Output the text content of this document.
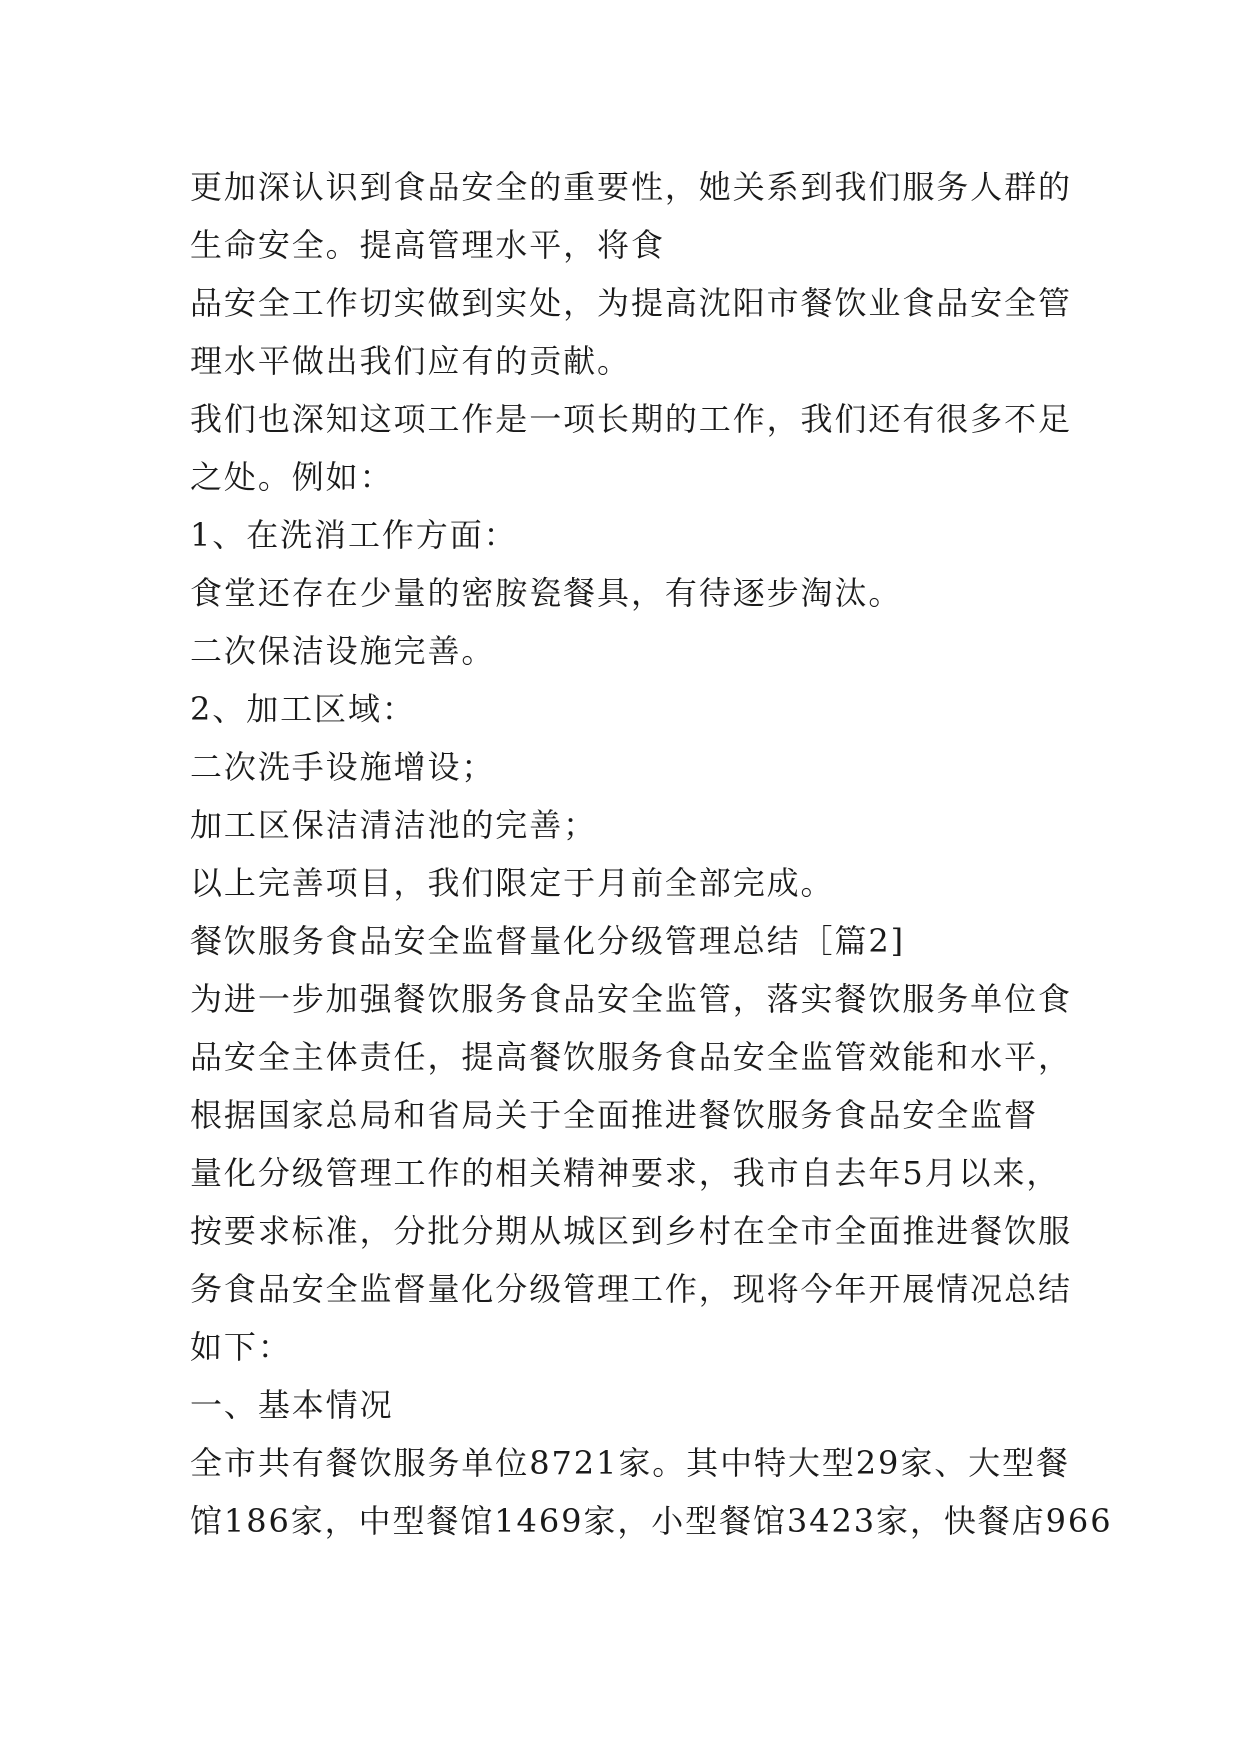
更加深认识到食品安全的重要性，她关系到我们服务人群的
生命安全。提高管理水平，将食
品安全工作切实做到实处，为提高沈阳市餐饮业食品安全管
理水平做出我们应有的贡献。
我们也深知这项工作是一项长期的工作，我们还有很多不足
之处。例如：
1、在洗消工作方面：
食堂还存在少量的密胺瓷餐具，有待逐步淘汰。
二次保洁设施完善。
2、加工区域：
二次洗手设施增设；
加工区保洁清洁池的完善；
以上完善项目，我们限定于月前全部完成。
餐饮服务食品安全监督量化分级管理总结［篇2]
为进一步加强餐饮服务食品安全监管，落实餐饮服务单位食
品安全主体责任，提高餐饮服务食品安全监管效能和水平，
根据国家总局和省局关于全面推进餐饮服务食品安全监督
量化分级管理工作的相关精神要求，我市自去年5月以来，
按要求标准，分批分期从城区到乡村在全市全面推进餐饮服
务食品安全监督量化分级管理工作，现将今年开展情况总结
如下：
一、基本情况
全市共有餐饮服务单位8721家。其中特大型29家、大型餐
馆186家，中型餐馆1469家，小型餐馆3423家，快餐店966
